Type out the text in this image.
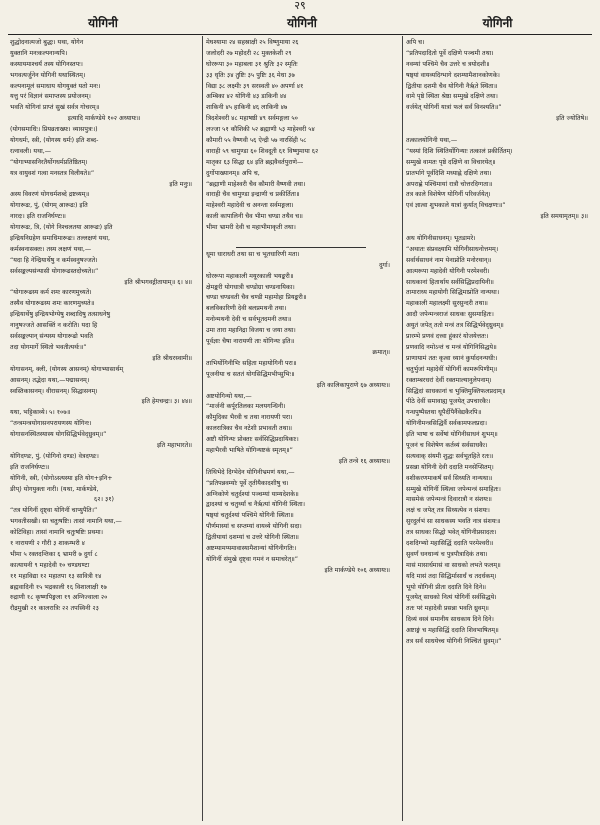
२९
योगिनी	योगिनी	योगिनी
शुद्धोदनात्मजो बुद्धः। यथा, योगेन
युक्तानि मनःकल्पनान्यपि।
कस्यायमाश्चर्यं तस्य योगिनस्तपः।
भगवत्यर्जुनेन योगिनी यथास्थितम्।
कल्पनामूलं समाधाय योगयुक्तं यतो मनः।
यत्तु परं विज्ञानं समाप्तस्य प्रयोजनम्।
भवति योगिनां प्राप्तं सुखं सर्वत्र गोचरम्॥
इत्यादि मार्कण्डेये १०२ अध्यायः॥
(योगसमाधिः। प्रियव्रताख्यः। व्यासपुत्रः।)
योगधर्मः, स्त्री, (योगस्य धर्मः) इति शब्द-
रत्नावली। यथा,—
“योगाभ्यासनिरतैर्योगधर्मप्रतिष्ठितम्।
यत्र वायुवशं गत्वा मनस्तत्र विलीयते॥”
इति मनुः॥
अस्य विवरणं योगधर्मशब्दे द्रष्टव्यम्॥
योगारूढः, पुं, (योगम् आरूढः) इति
नारदः। इति राजनिर्घण्टः॥
योगारूढः, त्रि, (योगे निश्चलतया आरूढः) इति
इन्द्रियनिग्रहेण समाधिमारूढः। तल्लक्षणं यथा,
कर्मस्वनासक्तः। तस्य लक्षणं यथा,—
“यदा हि नेन्द्रियार्थेषु न कर्मस्वनुषज्जते।
सर्वसङ्कल्पसंन्यासी योगारूढस्तदोच्यते॥”
इति श्रीभगवद्गीतायाम्॥ ६। ४॥
“योगारूढस्य कर्म शमः कारणमुच्यते।
तस्यैव योगारूढस्य शमः कारणमुच्यते॥
इन्द्रियार्थेषु इन्द्रियभोग्येषु शब्दादिषु तत्साधनेषु
नानुषज्जते आसक्तिं न करोति। यदा हि
सर्वसङ्कल्पान् संन्यस्य योगारूढो भवति
तदा योगमार्गे स्थितो भवतीत्यर्थः॥”
इति श्रीधरस्वामी॥
योगासनम्, क्ली, (योगस्य आसनम्) योगाभ्यासार्थम्
आसनम्। तद्भेदा यथा,—पद्मासनम्।
स्वस्तिकासनम्। वीरासनम्। सिद्धासनम्।
इति हेमचन्द्रः। ३। ४४॥
यथा, भट्टिकाव्ये। ५। १०७॥
“तन्त्रमन्त्रयोगासनपरायणस्य योगिनः।
योगासनस्थितस्यास्य योगसिद्धिर्भवेद्ध्रुवम्॥”
इति महाभारते॥
योगिदण्डः, पुं, (योगिनो दण्डः) वेत्रदण्डः।
इति राजनिर्घण्टः॥
योगिनी, स्त्री, (योगोऽस्त्यस्या इति योग+इनि+
ङीप्) योगयुक्ता नारी। (यथा, मार्कण्डेये,
६२। ३१)
“तत्र योगिनीं दृष्ट्वा योगिनीं चाप्युपैति।”
भगवतीसखी। सा चतुःषष्टिः। तासां नामानि यथा,—
कोटिविहा। तासां नामानि चतुःषष्टिः प्रथमा।
१ नारायणी २ गौरी ३ शाकम्भरी ४
भीमा ५ रक्तदन्तिका ६ भ्रामरी ७ दुर्गा ८
कात्यायनी ९ महादेवी १० चण्डघण्टा
११ महाविद्या १२ महातपा १३ सावित्री १४
ब्रह्मवादिनी १५ भद्रकाली १६ विशालाक्षी १७
रुद्राणी १८ कृष्णपिङ्गला १९ अग्निज्वाला २०
रौद्रमुखी २१ कालरात्रिः २२ तपस्विनी २३
मेघश्यामा २४ सहस्राक्षी २५ विष्णुमाया २६
जलोदरी २७ महोदरी २८ मुक्तकेशी २९
घोररूपा ३० महाबला ३१ श्रुतिः ३२ स्मृतिः
३३ धृतिः ३४ तुष्टिः ३५ पुष्टिः ३६ मेधा ३७
विद्या ३८ लक्ष्मीः ३९ सरस्वती ४० अपर्णा ४१
अम्बिका ४२ योगिनी ४३ डाकिनी ४४
शाकिनी ४५ हाकिनी ४६ लाकिनी ४७
त्रिदशेश्वरी ४८ महाषष्ठी ४९ सर्वमङ्गला ५०
लज्जा ५१ कौशिकी ५२ ब्रह्माणी ५३ माहेश्वरी ५४
कौमारी ५५ वैष्णवी ५६ ऐन्द्री ५७ नारसिंही ५८
वाराही ५९ चामुण्डा ६० शिवदूती ६१ विष्णुमाया ६२
मातृका ६३ सिद्धा ६४ इति ब्रह्मवैवर्तपुराणे—
दुर्गोपाख्यानम्॥ अपि च,
“ब्रह्माणी माहेश्वरी चैव कौमारी वैष्णवी तथा।
वाराही चैव चामुण्डा इन्द्राणी च प्रकीर्तिता॥
माहेश्वरी महादेवी च अनन्ता सर्वमङ्गला।
काली कापालिनी चैव भीमा चण्डा तथैव च॥
भीमा भ्रामरी देवी च महाभीमाकृती तथा।
धूमा धाराधरी तथा सा च भूतधारिणी मता।
दुर्गा।
घोररूपा महाकाली मयूरकाली भयङ्करी॥
क्षेमङ्करी योगधात्री चण्डोग्रा चण्डनायिका।
चण्डा चण्डवती चैव चण्डी महामोहा प्रियङ्करी॥
बलविकारिणी देवी बलप्रमथनी तथा।
मनोन्मथनी देवी च सर्वभूतदमनी तथा॥
उमा तारा महानिद्रा विजया च जया तथा।
पूर्वज्ञाः चैषा नारायणी ताः योगिन्यः इति॥
क्रमात्॥
ताभिर्योगिनीभिः सहिता महायोगिनी परा॥
पूजनीया च सततं योगसिद्धिमभीप्सुभिः॥
इति कालिकापुराणे ६७ अध्यायः॥
अष्टयोगिन्यो यथा,—
“मार्जनी कर्पूरतिलका मलयगन्धिनी।
कौमुदिका भैरवी च तथा नारायणी परा।
कालरात्रिका चैव नटेशी प्रभावती तथा॥
अष्टौ योगिन्यः प्रोक्ताः सर्वसिद्धिप्रदायिकाः।
महाभैरवी भाषिते योगिन्यष्टकं स्मृतम्॥”
इति तन्त्रे १६ अध्यायः॥
तिथिभेदे दिग्भेदेन योगिनीभ्रमणं यथा,—
“प्रतिपन्नवम्योः पूर्वे तृतीयैकादशीषु च।
अग्निकोणे चतुर्दश्यां पञ्चम्यां याम्यदेशके॥
द्वादश्यां च चतुर्थ्यां च नैरृत्यां योगिनी स्थिता।
षष्ठ्यां चतुर्दश्यां पश्चिमे योगिनी स्थिता॥
पौर्णमास्यां च सप्तम्यां वायव्ये योगिनी सदा।
द्वितीयायां दशम्यां च उत्तरे योगिनी स्थिता॥
अष्टम्यामप्यमावास्यामैशान्यां योगिनीगतिः।
योगिनीं संमुखे दृष्ट्वा गमनं न समाचरेत्॥”
इति मार्कण्डेये १०६ अध्यायः॥
अपि च।
“प्रतिपदादितो पूर्वे दक्षिणे पञ्चमी तथा।
नवम्यां पश्चिमे चैव उत्तरे च त्रयोदशी॥
षष्ठ्यां वायव्यदिग्भागे दशम्यामैशानकोणके।
द्वितीया दशमी चैव योगिनी नैरृते स्थिता॥
वामे पृष्ठे स्थिता श्रेष्ठा सम्मुखे दक्षिणे तथा।
वर्जयेत् योगिनीं यात्रां फलं सर्वं विनश्यति॥”
इति ज्योतिषे॥
तत्कालयोगिनी यथा,—
“यस्यां दिशि स्थितिर्योगिन्याः तत्कालं प्रकीर्तितम्।
सम्मुखे वामतः पृष्ठे दक्षिणे वा विचारयेत्॥
प्रातर्भागे पूर्वदिशि मध्याह्ने दक्षिणे तथा।
अपराह्णे पश्चिमायां रात्रौ चोत्तरदिग्गता॥
तत्र काले विशेषेण योगिनीं परिवर्जयेत्।
एवं ज्ञात्वा शुभकाले यात्रां कुर्यात् विचक्षणः॥”
इति समयामृतम्॥ ३॥
अथ योगिनीसाधनम्। भूतडामरे।
“अथातः संप्रवक्ष्यामि योगिनीसाधनोत्तमम्।
सर्वार्थसाधनं नाम येनाप्नोति मनोरथान्॥
आत्मरूपा महादेवी योगिनी परमेश्वरी।
साधकानां हितार्थाय सर्वसिद्धिप्रदायिनी॥
तामाराध्य महायोगी सिद्धिमाप्नोति नान्यथा।
महाकाली महालक्ष्मी सुरसुन्दरी तथा॥
आदौ जपेन्मन्त्रराजं साधकः सुसमाहितः।
अयुतं जपेत् ततो मन्त्रं तत्र सिद्धिर्भवेद्ध्रुवम्॥
प्रारम्भे प्रणवं दत्त्वा हूंकारं योजयेत्ततः।
प्रणवादि नमोऽन्तं च मन्त्रं योगिनिसिद्धये॥
प्राणायामं ततः कृत्वा ध्यानं कुर्यादनन्यधीः।
चतुर्भुजां महादेवीं योगिनीं कामरूपिणीम्॥
रक्ताम्बरधरां देवीं रक्तमाल्यानुलेपनाम्।
सिद्धिदां साधकानां च भुक्तिमुक्तिफलप्रदाम्॥
पीठे देवीं समावाह्य पूजयेत् उपचारकैः।
गन्धपुष्पैस्तथा धूपैर्दीपैर्नैवेद्यकैरपि॥
योगिनीमन्त्रसिद्धिर्वै सर्वकामफलप्रदा।
इति भाषा च सर्वेषां योगिनीसाधनं शुभम्॥
पूजनं च विशेषेण कर्तव्यं सर्वसाधकैः।
सत्यवाक् संयमी शुद्धः सर्वभूतहिते रतः॥
प्रसन्ना योगिनी देवी ददाति मनसेप्सितम्।
वशीकरणमाकर्षं सर्वं सिध्यति नान्यथा॥
सम्मुखे योगिनीं स्थित्वा जपेन्मन्त्रं समाहितः।
मासमेकं जपेन्मन्त्रं दिवारात्रौ न संशयः॥
लक्षं च जपेत् तत्र सिध्यत्येव न संशयः।
सुरदुर्लभं सा साधकस्य भवति नात्र संशयः॥
तत्र साधकः सिद्धो भवेत् योगिनीप्रसादतः।
दशदिग्भ्यो महासिद्धिं ददाति परमेश्वरी॥
सुवर्णं धनधान्यं च पुत्रपौत्रादिकं तथा।
मासं मासार्धमासं वा साधको लभते फलम्॥
यदि मासं तदा सिद्धिर्मासार्धं च तदर्धकम्।
भूयो योगिनी प्रीता ददाति दिने दिने॥
पूजयेत् साधको नित्यं योगिनीं सर्वसिद्धये।
ततः परं महादेवी प्रसन्ना भवति ध्रुवम्॥
दिव्यं वस्त्रं समानीय साधकाय दिने दिने।
अष्टाङ्गं च महासिद्धिं ददाति शिवभाषितम्॥
तत्र सर्वं साधयेच्च योगिनी निश्चितं ध्रुवम्॥”
